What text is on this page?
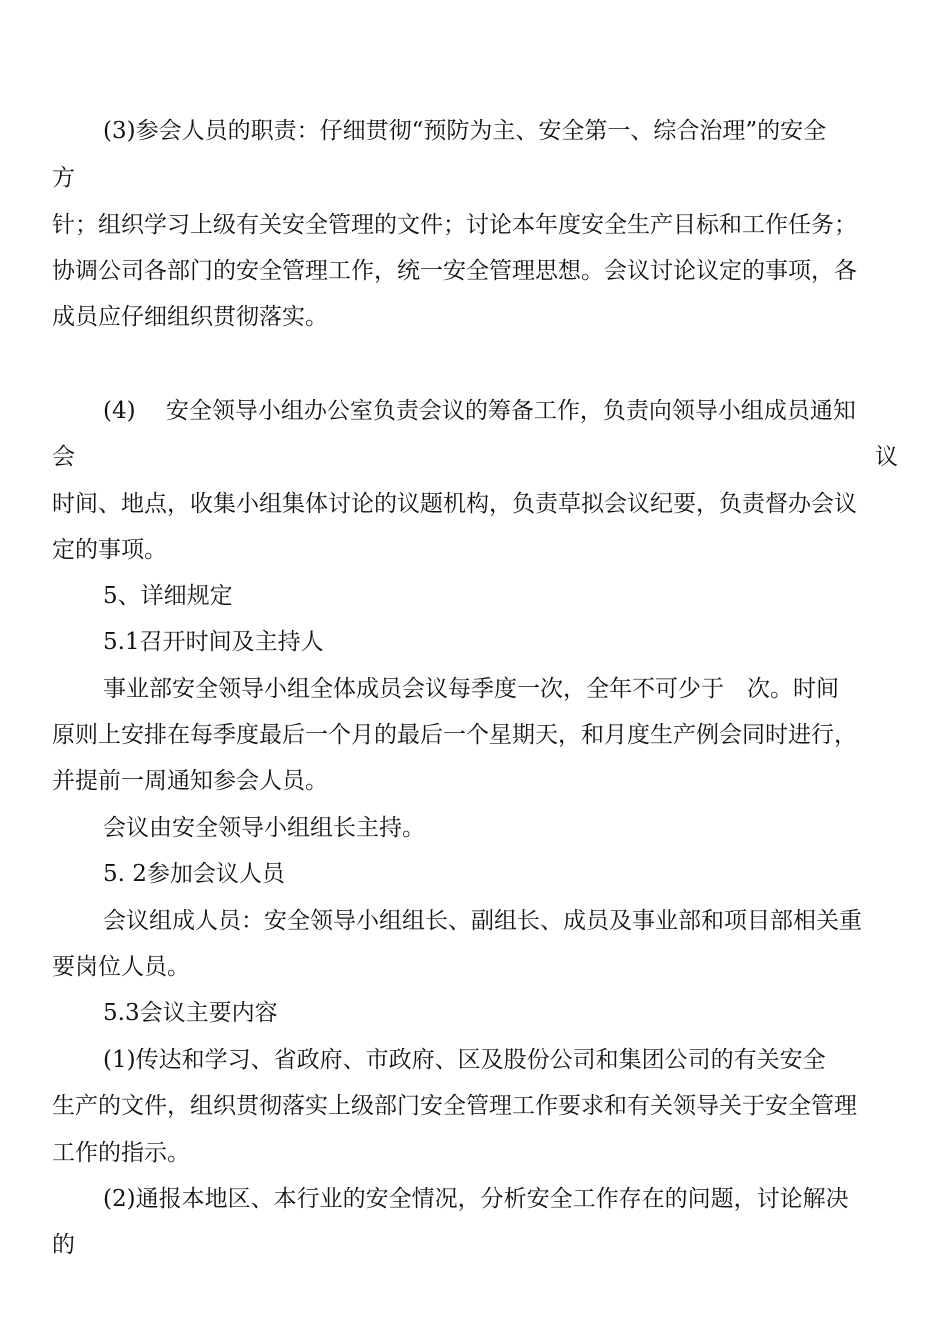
(3)参会人员的职责：仔细贯彻“预防为主、安全第一、综合治理”的安全
方
针；组织学习上级有关安全管理的文件；讨论本年度安全生产目标和工作任务；
协调公司各部门的安全管理工作，统一安全管理思想。会议讨论议定的事项，各
成员应仔细组织贯彻落实。
(4)　 安全领导小组办公室负责会议的筹备工作，负责向领导小组成员通知
会	议
时间、地点，收集小组集体讨论的议题机构，负责草拟会议纪要，负责督办会议
定的事项。
5、详细规定
5.1召开时间及主持人
事业部安全领导小组全体成员会议每季度一次，全年不可少于　次。时间
原则上安排在每季度最后一个月的最后一个星期天，和月度生产例会同时进行，
并提前一周通知参会人员。
会议由安全领导小组组长主持。
5. 2参加会议人员
会议组成人员：安全领导小组组长、副组长、成员及事业部和项目部相关重
要岗位人员。
5.3会议主要内容
(1)传达和学习、省政府、市政府、区及股份公司和集团公司的有关安全
生产的文件，组织贯彻落实上级部门安全管理工作要求和有关领导关于安全管理
工作的指示。
(2)通报本地区、本行业的安全情况，分析安全工作存在的问题，讨论解决
的
